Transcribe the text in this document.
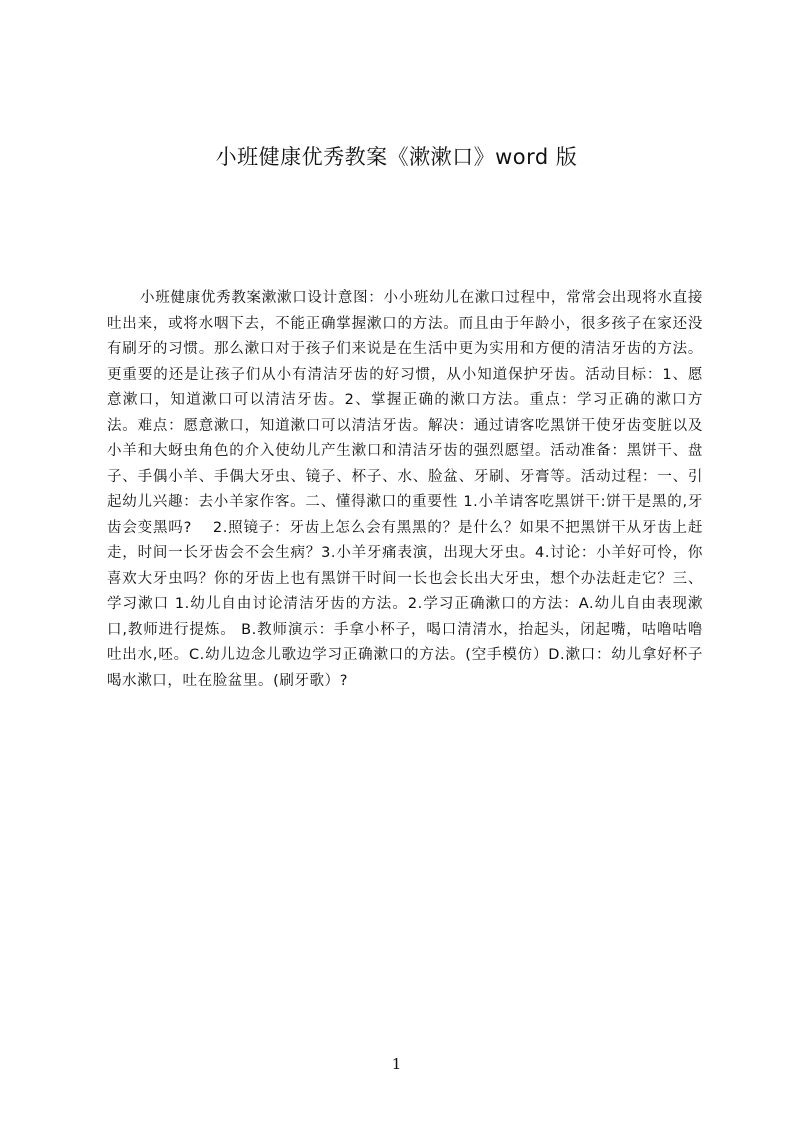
小班健康优秀教案《漱漱口》word 版

小班健康优秀教案漱漱口设计意图：小小班幼儿在漱口过程中，常常会出现将水直接吐出来，或将水咽下去，不能正确掌握漱口的方法。而且由于年龄小，很多孩子在家还没有刷牙的习惯。那么漱口对于孩子们来说是在生活中更为实用和方便的清洁牙齿的方法。更重要的还是让孩子们从小有清洁牙齿的好习惯，从小知道保护牙齿。活动目标：1、愿意漱口，知道漱口可以清洁牙齿。2、掌握正确的漱口方法。重点：学习正确的漱口方法。难点：愿意漱口，知道漱口可以清洁牙齿。解决：通过请客吃黑饼干使牙齿变脏以及小羊和大蚜虫角色的介入使幼儿产生漱口和清洁牙齿的强烈愿望。活动准备：黑饼干、盘子、手偶小羊、手偶大牙虫、镜子、杯子、水、脸盆、牙刷、牙膏等。活动过程：一、引起幼儿兴趣：去小羊家作客。二、懂得漱口的重要性 1.小羊请客吃黑饼干:饼干是黑的,牙齿会变黑吗?　 2.照镜子：牙齿上怎么会有黑黑的？是什么？如果不把黑饼干从牙齿上赶走，时间一长牙齿会不会生病？3.小羊牙痛表演，出现大牙虫。4.讨论：小羊好可怜，你喜欢大牙虫吗？你的牙齿上也有黑饼干时间一长也会长出大牙虫，想个办法赶走它？三、学习漱口 1.幼儿自由讨论清洁牙齿的方法。2.学习正确漱口的方法：A.幼儿自由表现漱口,教师进行提炼。 B.教师演示：手拿小杯子，喝口清清水，抬起头，闭起嘴，咕噜咕噜吐出水,呸。C.幼儿边念儿歌边学习正确漱口的方法。(空手模仿）D.漱口：幼儿拿好杯子喝水漱口，吐在脸盆里。(刷牙歌）?

1
